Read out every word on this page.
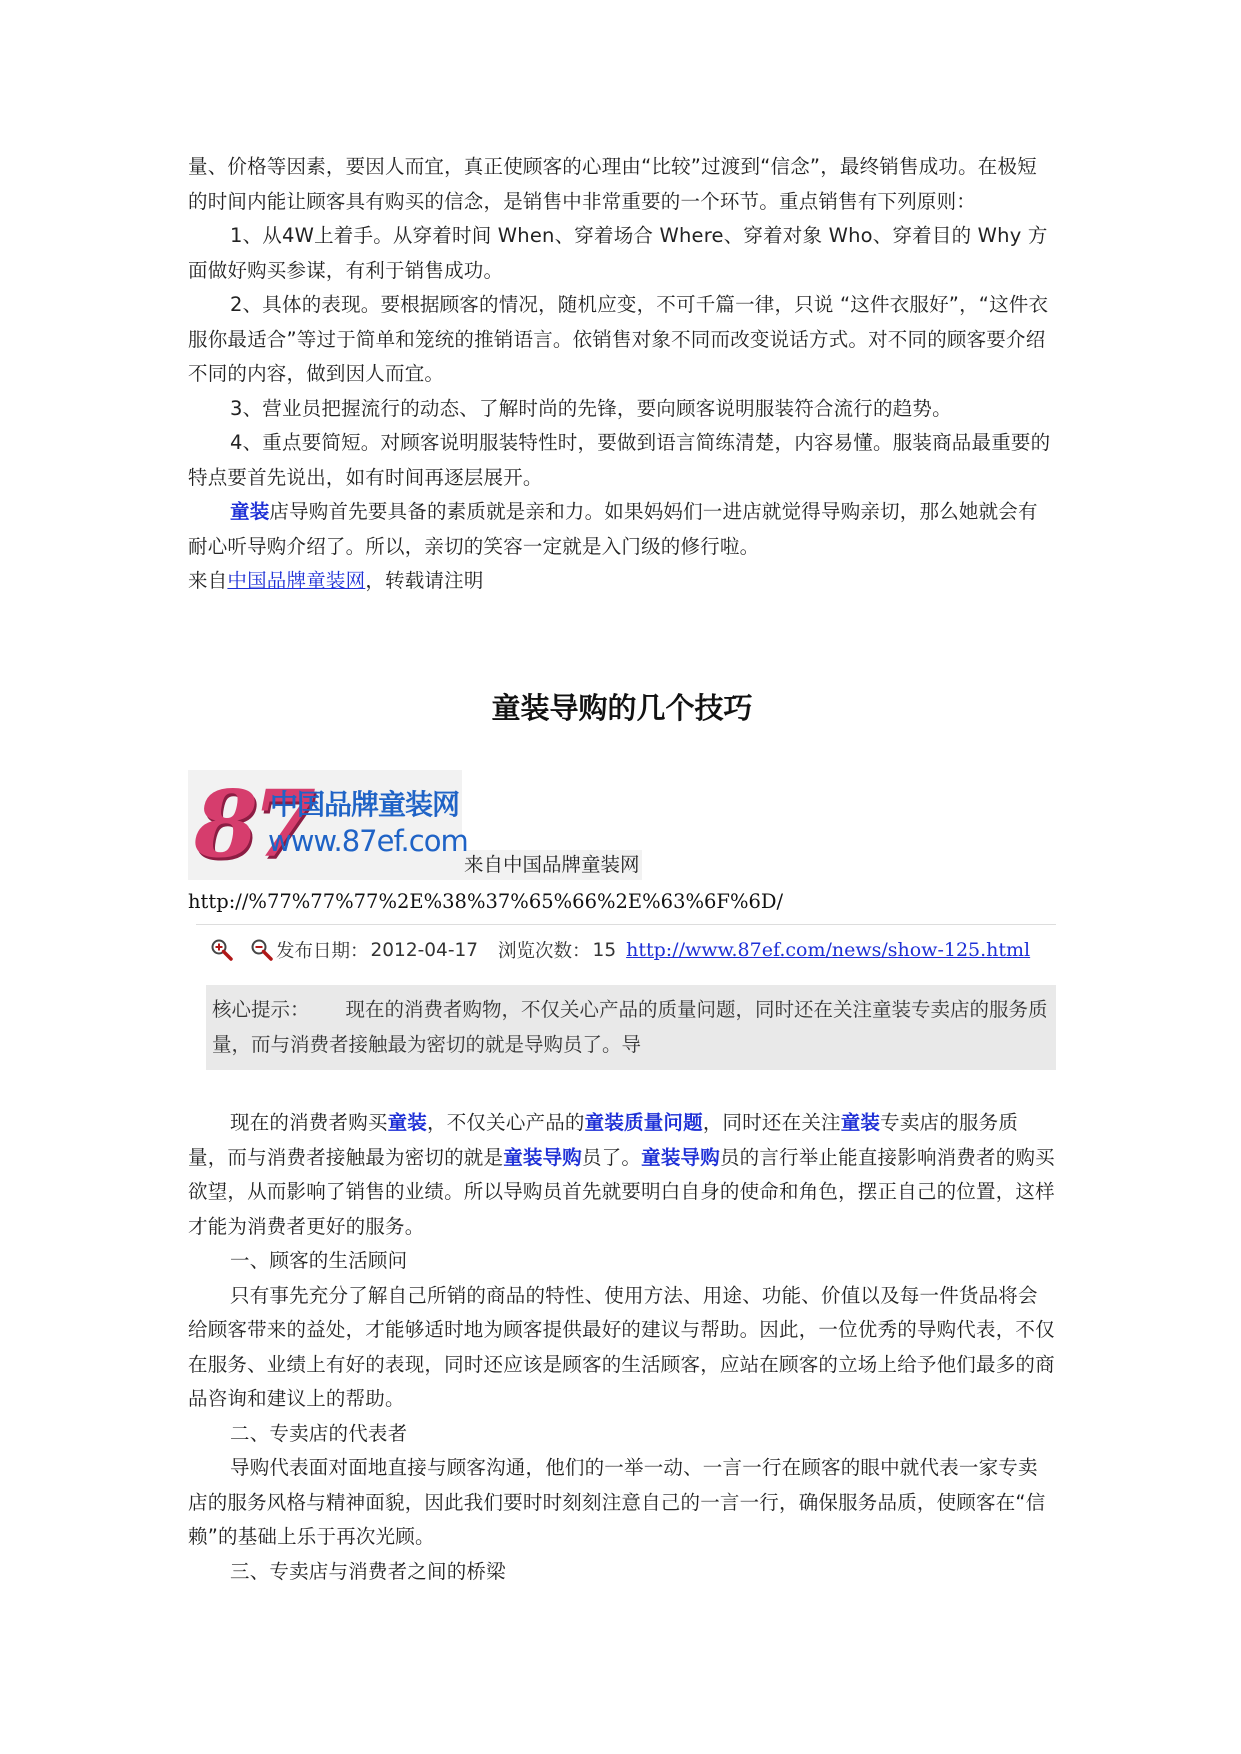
量、价格等因素，要因人而宜，真正使顾客的心理由“比较”过渡到“信念”，最终销售成功。在极短的时间内能让顾客具有购买的信念，是销售中非常重要的一个环节。重点销售有下列原则：

1、从4W上着手。从穿着时间 When、穿着场合 Where、穿着对象 Who、穿着目的 Why 方面做好购买参谋，有利于销售成功。

2、具体的表现。要根据顾客的情况，随机应变，不可千篇一律，只说 “这件衣服好”，“这件衣服你最适合”等过于简单和笼统的推销语言。依销售对象不同而改变说话方式。对不同的顾客要介绍不同的内容，做到因人而宜。

3、营业员把握流行的动态、了解时尚的先锋，要向顾客说明服装符合流行的趋势。

4、重点要简短。对顾客说明服装特性时，要做到语言简练清楚，内容易懂。服装商品最重要的特点要首先说出，如有时间再逐层展开。

童装店导购首先要具备的素质就是亲和力。如果妈妈们一进店就觉得导购亲切，那么她就会有耐心听导购介绍了。所以，亲切的笑容一定就是入门级的修行啦。

来自中国品牌童装网，转载请注明

童装导购的几个技巧
87
中国品牌童装网
www.87ef.com
来自中国品牌童装网
http://%77%77%77%2E%38%37%65%66%2E%63%6F%6D/
发布日期： 2012-04-17 浏览次数： 15 http://www.87ef.com/news/show-125.html
核心提示： 现在的消费者购物，不仅关心产品的质量问题，同时还在关注童装专卖店的服务质量，而与消费者接触最为密切的就是导购员了。导

现在的消费者购买童装，不仅关心产品的童装质量问题，同时还在关注童装专卖店的服务质量，而与消费者接触最为密切的就是童装导购员了。童装导购员的言行举止能直接影响消费者的购买欲望，从而影响了销售的业绩。所以导购员首先就要明白自身的使命和角色，摆正自己的位置，这样才能为消费者更好的服务。

一、顾客的生活顾问

只有事先充分了解自己所销的商品的特性、使用方法、用途、功能、价值以及每一件货品将会给顾客带来的益处，才能够适时地为顾客提供最好的建议与帮助。因此，一位优秀的导购代表，不仅在服务、业绩上有好的表现，同时还应该是顾客的生活顾客，应站在顾客的立场上给予他们最多的商品咨询和建议上的帮助。

二、专卖店的代表者

导购代表面对面地直接与顾客沟通，他们的一举一动、一言一行在顾客的眼中就代表一家专卖店的服务风格与精神面貌，因此我们要时时刻刻注意自己的一言一行，确保服务品质，使顾客在“信赖”的基础上乐于再次光顾。

三、专卖店与消费者之间的桥梁
